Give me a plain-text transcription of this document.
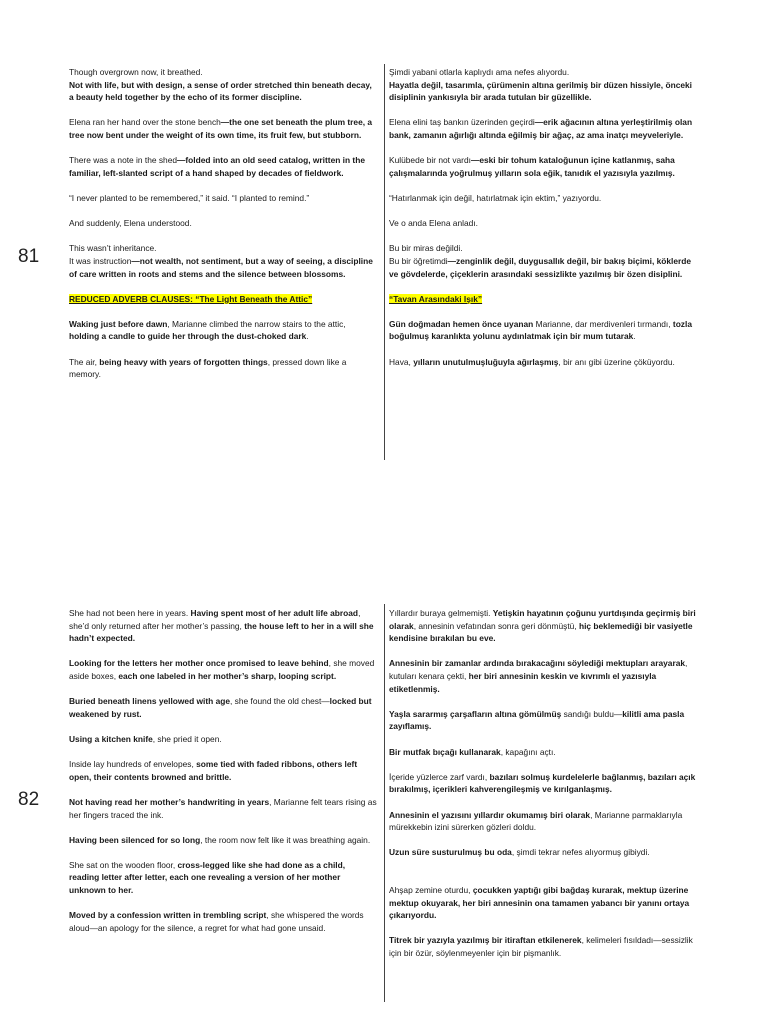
81
Though overgrown now, it breathed.
Not with life, but with design, a sense of order stretched thin beneath decay, a beauty held together by the echo of its former discipline.
Elena ran her hand over the stone bench—the one set beneath the plum tree, a tree now bent under the weight of its own time, its fruit few, but stubborn.
There was a note in the shed—folded into an old seed catalog, written in the familiar, left-slanted script of a hand shaped by decades of fieldwork.
“I never planted to be remembered,” it said. “I planted to remind.”
And suddenly, Elena understood.
This wasn’t inheritance.
It was instruction—not wealth, not sentiment, but a way of seeing, a discipline of care written in roots and stems and the silence between blossoms.
REDUCED ADVERB CLAUSES: “The Light Beneath the Attic”
Waking just before dawn, Marianne climbed the narrow stairs to the attic, holding a candle to guide her through the dust-choked dark.
The air, being heavy with years of forgotten things, pressed down like a memory.
Şimdi yabani otlarla kaplıydı ama nefes alıyordu.
Hayatla değil, tasarımla, çürümenin altına gerilmiş bir düzen hissiyle, önceki disiplinin yankısıyla bir arada tutulan bir güzellikle.
Elena elini taş bankın üzerinden geçirdi—erik ağacının altına yerleştirilmiş olan bank, zamanın ağırlığı altında eğilmiş bir ağaç, az ama inatçı meyveleriyle.
Kulübede bir not vardı—eski bir tohum kataloğunun içine katlanmış, saha çalışmalarında yoğrulmuş yılların sola eğik, tanıdık el yazısıyla yazılmış.
“Hatırlanmak için değil, hatırlatmak için ektim,” yazıyordu.
Ve o anda Elena anladı.
Bu bir miras değildi.
Bu bir öğretimdi—zenginlik değil, duygusallık değil, bir bakış biçimi, köklerde ve gövdelerde, çiçeklerin arasındaki sessizlikte yazılmış bir özen disiplini.
“Tavan Arasındaki Işık”
Gün doğmadan hemen önce uyanan Marianne, dar merdivenleri tırmandı, tozla boğulmuş karanlıkta yolunu aydınlatmak için bir mum tutarak.
Hava, yılların unutulmuşluğuyla ağırlaşmış, bir anı gibi üzerine çöküyordu.
82
She had not been here in years. Having spent most of her adult life abroad, she’d only returned after her mother’s passing, the house left to her in a will she hadn’t expected.
Looking for the letters her mother once promised to leave behind, she moved aside boxes, each one labeled in her mother’s sharp, looping script.
Buried beneath linens yellowed with age, she found the old chest—locked but weakened by rust.
Using a kitchen knife, she pried it open.
Inside lay hundreds of envelopes, some tied with faded ribbons, others left open, their contents browned and brittle.
Not having read her mother’s handwriting in years, Marianne felt tears rising as her fingers traced the ink.
Having been silenced for so long, the room now felt like it was breathing again.
She sat on the wooden floor, cross-legged like she had done as a child, reading letter after letter, each one revealing a version of her mother unknown to her.
Moved by a confession written in trembling script, she whispered the words aloud—an apology for the silence, a regret for what had gone unsaid.
Yıllardır buraya gelmemişti. Yetişkin hayatının çoğunu yurtdışında geçirmiş biri olarak, annesinin vefatından sonra geri dönmüştü, hiç beklemediği bir vasiyetle kendisine bırakılan bu eve.
Annesinin bir zamanlar ardında bırakacağını söylediği mektupları arayarak, kutuları kenara çekti, her biri annesinin keskin ve kıvrımlı el yazısıyla etiketlenmiş.
Yaşla sararmış çarşafların altına gömülmüş sandığı buldu—kilitli ama pasla zayıflamış.
Bir mutfak bıçağı kullanarak, kapağını açtı.
İçeride yüzlerce zarf vardı, bazıları solmuş kurdelelerle bağlanmış, bazıları açık bırakılmış, içerikleri kahverengileşmiş ve kırılganlaşmış.
Annesinin el yazısını yıllardır okumamış biri olarak, Marianne parmaklarıyla mürekkebin izini sürerken gözleri doldu.
Uzun süre susturulmuş bu oda, şimdi tekrar nefes alıyormuş gibiydi.
Ahşap zemine oturdu, çocukken yaptığı gibi bağdaş kurarak, mektup üzerine mektup okuyarak, her biri annesinin ona tamamen yabancı bir yanını ortaya çıkarıyordu.
Titrek bir yazıyla yazılmış bir itiraftan etkilenerek, kelimeleri fısıldadı—sessizlik için bir özür, söylenmeyenler için bir pişmanlık.
